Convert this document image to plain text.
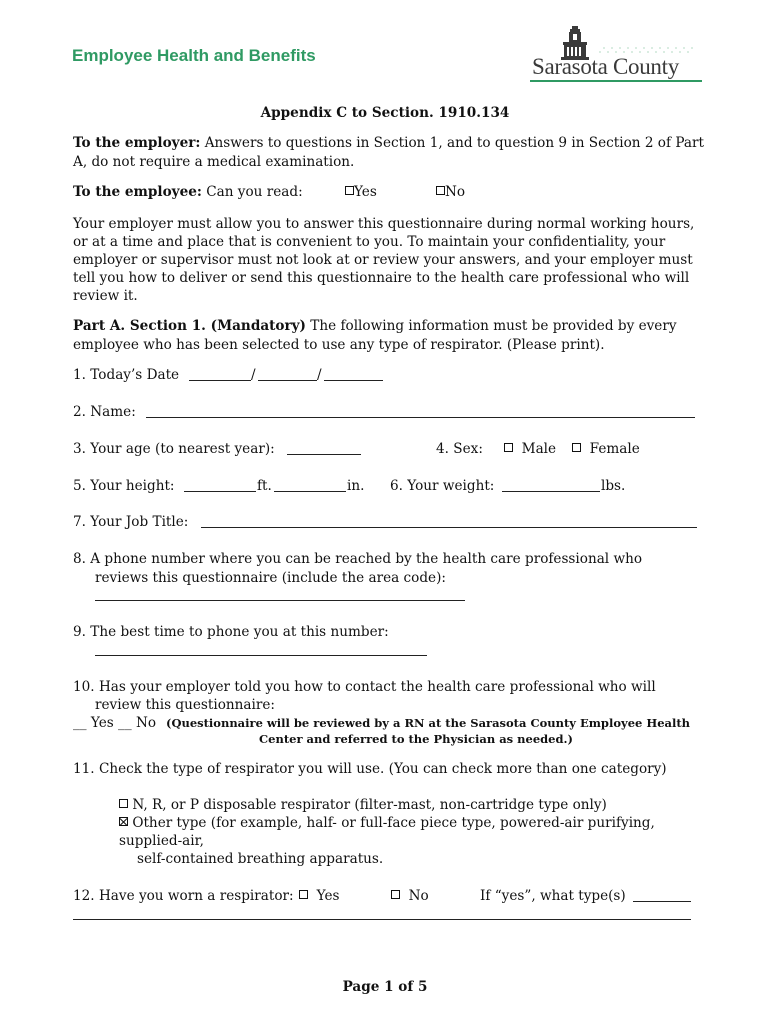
Employee Health and Benefits	Sarasota County
Appendix C to Section. 1910.134
To the employer: Answers to questions in Section 1, and to question 9 in Section 2 of Part
A, do not require a medical examination.
To the employee: Can you read:	Yes	No
Your employer must allow you to answer this questionnaire during normal working hours,
or at a time and place that is convenient to you. To maintain your confidentiality, your
employer or supervisor must not look at or review your answers, and your employer must
tell you how to deliver or send this questionnaire to the health care professional who will
review it.
Part A. Section 1. (Mandatory) The following information must be provided by every
employee who has been selected to use any type of respirator. (Please print).
1. Today’s Date	/	/
2. Name:
3. Your age (to nearest year):	4. Sex:	Male	Female
5. Your height:	ft.	in. 6. Your weight:	lbs.
7. Your Job Title:
8. A phone number where you can be reached by the health care professional who
reviews this questionnaire (include the area code):
9. The best time to phone you at this number:
10. Has your employer told you how to contact the health care professional who will
review this questionnaire:
__ Yes __ No (Questionnaire will be reviewed by a RN at the Sarasota County Employee Health
Center and referred to the Physician as needed.)
11. Check the type of respirator you will use. (You can check more than one category)
N, R, or P disposable respirator (filter-mast, non-cartridge type only)
Other type (for example, half- or full-face piece type, powered-air purifying,
supplied-air,
self-contained breathing apparatus.
12. Have you worn a respirator:	Yes	No	If “yes”, what type(s)
Page 1 of 5
